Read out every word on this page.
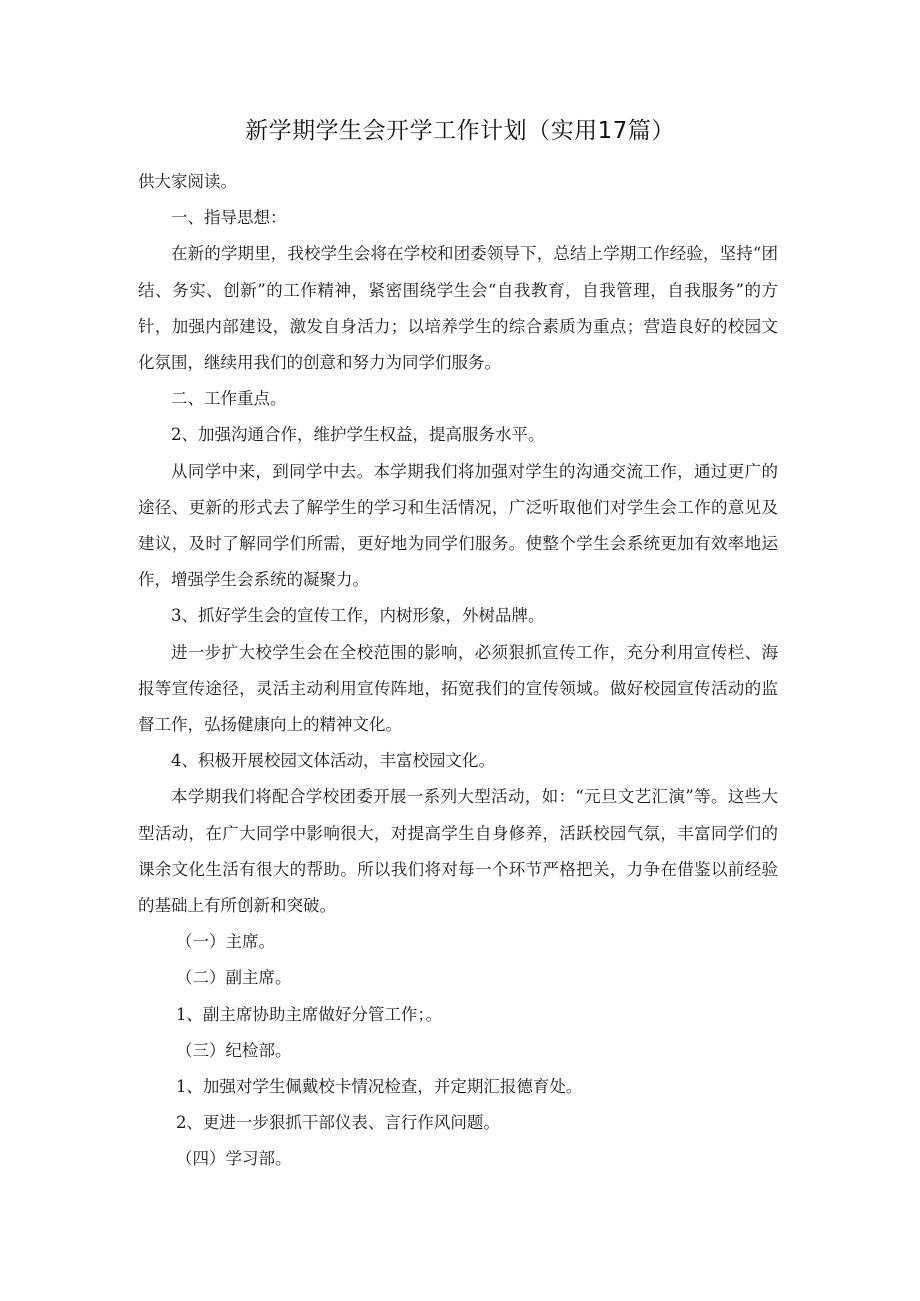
新学期学生会开学工作计划（实用17篇）

供大家阅读。

一、指导思想：

在新的学期里，我校学生会将在学校和团委领导下，总结上学期工作经验，坚持“团结、务实、创新”的工作精神，紧密围绕学生会“自我教育，自我管理，自我服务”的方针，加强内部建设，激发自身活力；以培养学生的综合素质为重点；营造良好的校园文化氛围，继续用我们的创意和努力为同学们服务。

二、工作重点。

2、加强沟通合作，维护学生权益，提高服务水平。

从同学中来，到同学中去。本学期我们将加强对学生的沟通交流工作，通过更广的途径、更新的形式去了解学生的学习和生活情况，广泛听取他们对学生会工作的意见及建议，及时了解同学们所需，更好地为同学们服务。使整个学生会系统更加有效率地运作，增强学生会系统的凝聚力。

3、抓好学生会的宣传工作，内树形象，外树品牌。

进一步扩大校学生会在全校范围的影响，必须狠抓宣传工作，充分利用宣传栏、海报等宣传途径，灵活主动利用宣传阵地，拓宽我们的宣传领域。做好校园宣传活动的监督工作，弘扬健康向上的精神文化。

4、积极开展校园文体活动，丰富校园文化。

本学期我们将配合学校团委开展一系列大型活动，如：“元旦文艺汇演”等。这些大型活动，在广大同学中影响很大，对提高学生自身修养，活跃校园气氛，丰富同学们的课余文化生活有很大的帮助。所以我们将对每一个环节严格把关，力争在借鉴以前经验的基础上有所创新和突破。

（一）主席。

（二）副主席。

1、副主席协助主席做好分管工作；。

（三）纪检部。

1、加强对学生佩戴校卡情况检查，并定期汇报德育处。

2、更进一步狠抓干部仪表、言行作风问题。

（四）学习部。
